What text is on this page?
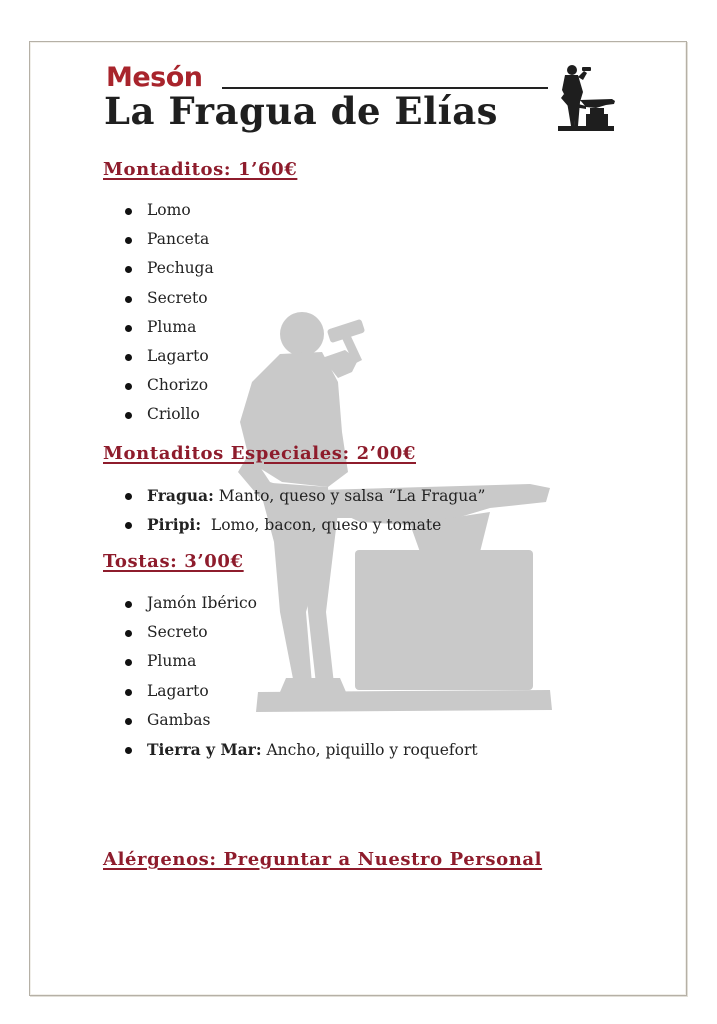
Mesón
La Fragua de Elías
Montaditos: 1’60€
Lomo
Panceta
Pechuga
Secreto
Pluma
Lagarto
Chorizo
Criollo
Montaditos Especiales: 2’00€
Fragua: Manto, queso y salsa “La Fragua”
Piripi:  Lomo, bacon, queso y tomate
Tostas: 3’00€
Jamón Ibérico
Secreto
Pluma
Lagarto
Gambas
Tierra y Mar: Ancho, piquillo y roquefort
Alérgenos: Preguntar a Nuestro Personal
